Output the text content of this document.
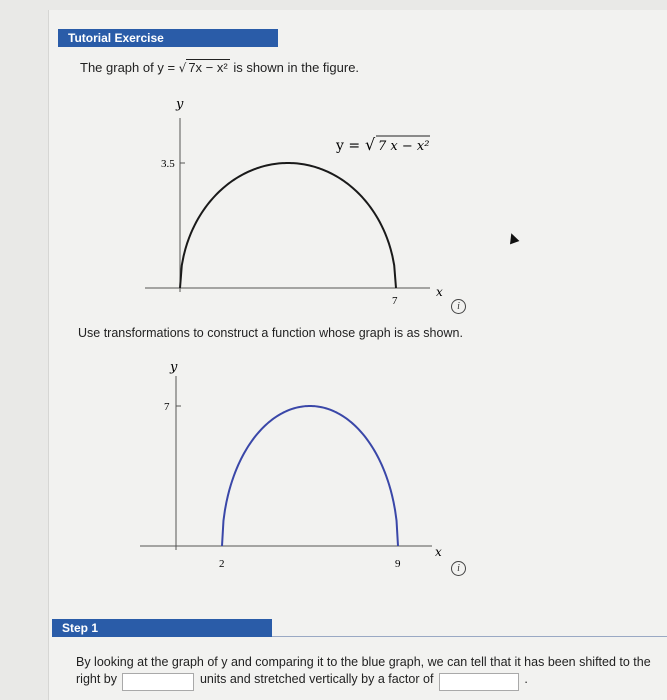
Tutorial Exercise
The graph of y = √ 7x − x² is shown in the figure.
y
x
3.5
7
y = √ 7 x − x²
i
Use transformations to construct a function whose graph is as shown.
y
x
7
2	9	i
Step 1
By looking at the graph of y and comparing it to the blue graph, we can tell that it has been shifted to the right by	units and stretched vertically by a factor of	.
